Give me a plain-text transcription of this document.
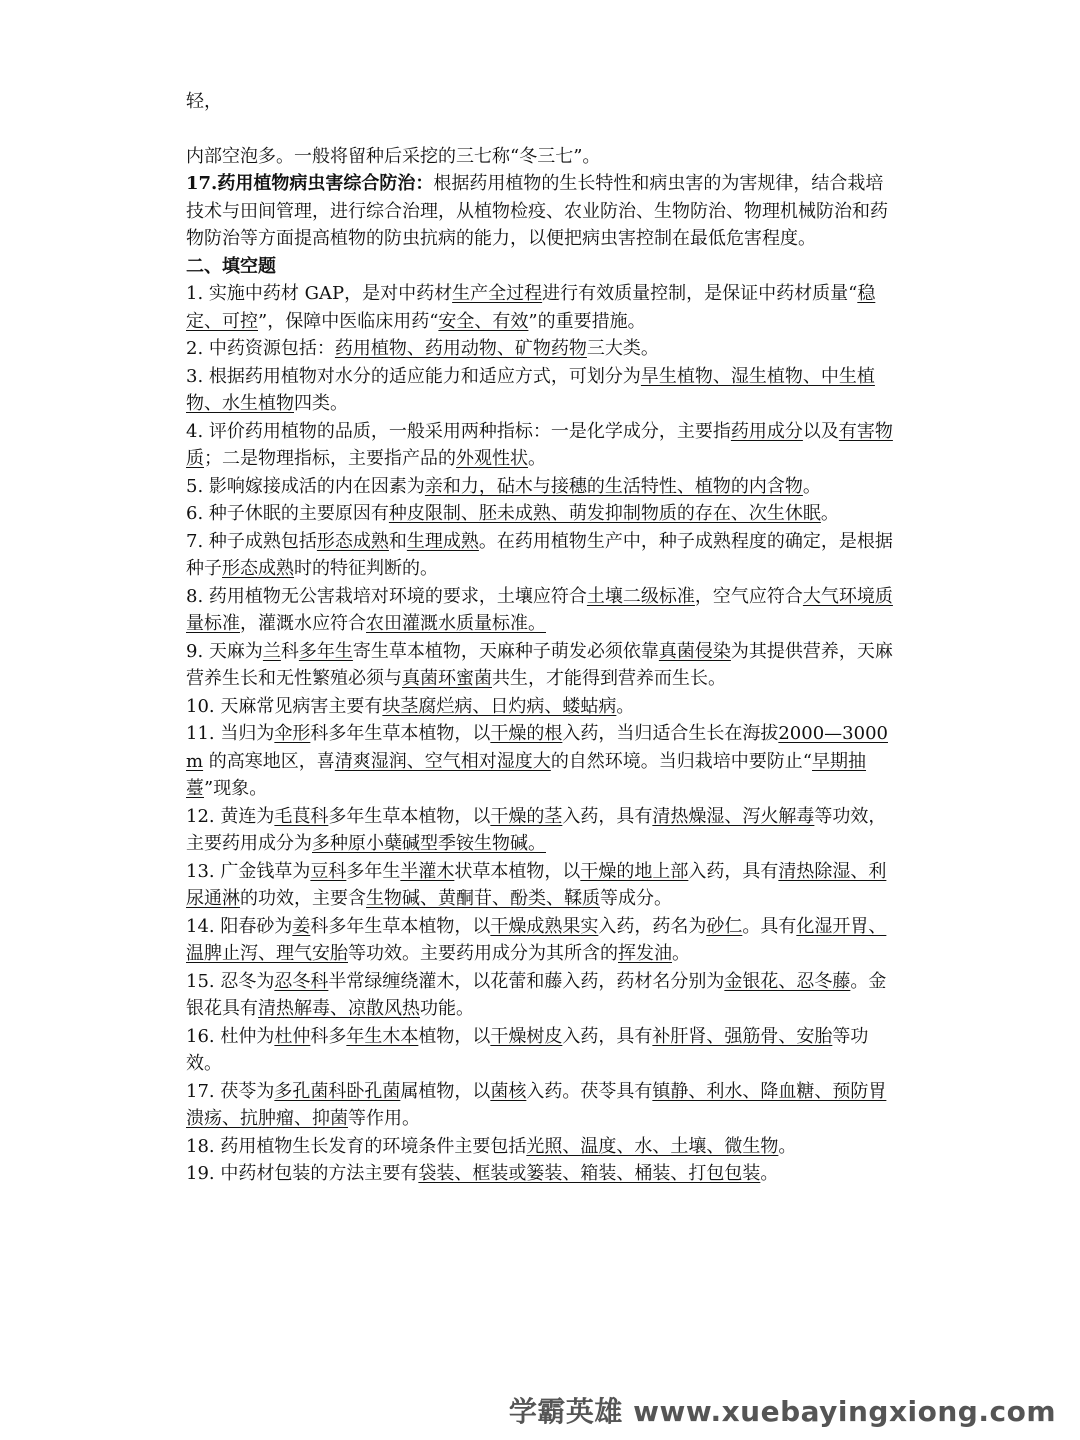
轻，

内部空泡多。一般将留种后采挖的三七称“冬三七”。

17.药用植物病虫害综合防治：根据药用植物的生长特性和病虫害的为害规律，结合栽培技术与田间管理，进行综合治理，从植物检疫、农业防治、生物防治、物理机械防治和药物防治等方面提高植物的防虫抗病的能力，以便把病虫害控制在最低危害程度。

二、填空题

1. 实施中药材 GAP，是对中药材生产全过程进行有效质量控制，是保证中药材质量“稳定、可控”，保障中医临床用药“安全、有效”的重要措施。

2. 中药资源包括：药用植物、药用动物、矿物药物三大类。

3. 根据药用植物对水分的适应能力和适应方式，可划分为旱生植物、湿生植物、中生植物、水生植物四类。

4. 评价药用植物的品质，一般采用两种指标：一是化学成分，主要指药用成分以及有害物质；二是物理指标，主要指产品的外观性状。

5. 影响嫁接成活的内在因素为亲和力，砧木与接穗的生活特性、植物的内含物。

6. 种子休眠的主要原因有种皮限制、胚未成熟、萌发抑制物质的存在、次生休眠。

7. 种子成熟包括形态成熟和生理成熟。在药用植物生产中，种子成熟程度的确定，是根据种子形态成熟时的特征判断的。

8. 药用植物无公害栽培对环境的要求，土壤应符合土壤二级标准，空气应符合大气环境质量标准，灌溉水应符合农田灌溉水质量标准。

9. 天麻为兰科多年生寄生草本植物，天麻种子萌发必须依靠真菌侵染为其提供营养，天麻营养生长和无性繁殖必须与真菌环蜜菌共生，才能得到营养而生长。

10. 天麻常见病害主要有块茎腐烂病、日灼病、蝼蛄病。

11. 当归为伞形科多年生草本植物，以干燥的根入药，当归适合生长在海拔2000—3000m 的高寒地区，喜清爽湿润、空气相对湿度大的自然环境。当归栽培中要防止“早期抽薹”现象。

12. 黄连为毛茛科多年生草本植物，以干燥的茎入药，具有清热燥湿、泻火解毒等功效，主要药用成分为多种原小蘖碱型季铵生物碱。

13. 广金钱草为豆科多年生半灌木状草本植物，以干燥的地上部入药，具有清热除湿、利尿通淋的功效，主要含生物碱、黄酮苷、酚类、鞣质等成分。

14. 阳春砂为姜科多年生草本植物，以干燥成熟果实入药，药名为砂仁。具有化湿开胃、温脾止泻、理气安胎等功效。主要药用成分为其所含的挥发油。

15. 忍冬为忍冬科半常绿缠绕灌木，以花蕾和藤入药，药材名分别为金银花、忍冬藤。金银花具有清热解毒、凉散风热功能。

16. 杜仲为杜仲科多年生木本植物，以干燥树皮入药，具有补肝肾、强筋骨、安胎等功效。

17. 茯苓为多孔菌科卧孔菌属植物，以菌核入药。茯苓具有镇静、利水、降血糖、预防胃溃疡、抗肿瘤、抑菌等作用。

18. 药用植物生长发育的环境条件主要包括光照、温度、水、土壤、微生物。

19. 中药材包装的方法主要有袋装、框装或篓装、箱装、桶装、打包包装。

学霸英雄 www.xuebayingxiong.com
